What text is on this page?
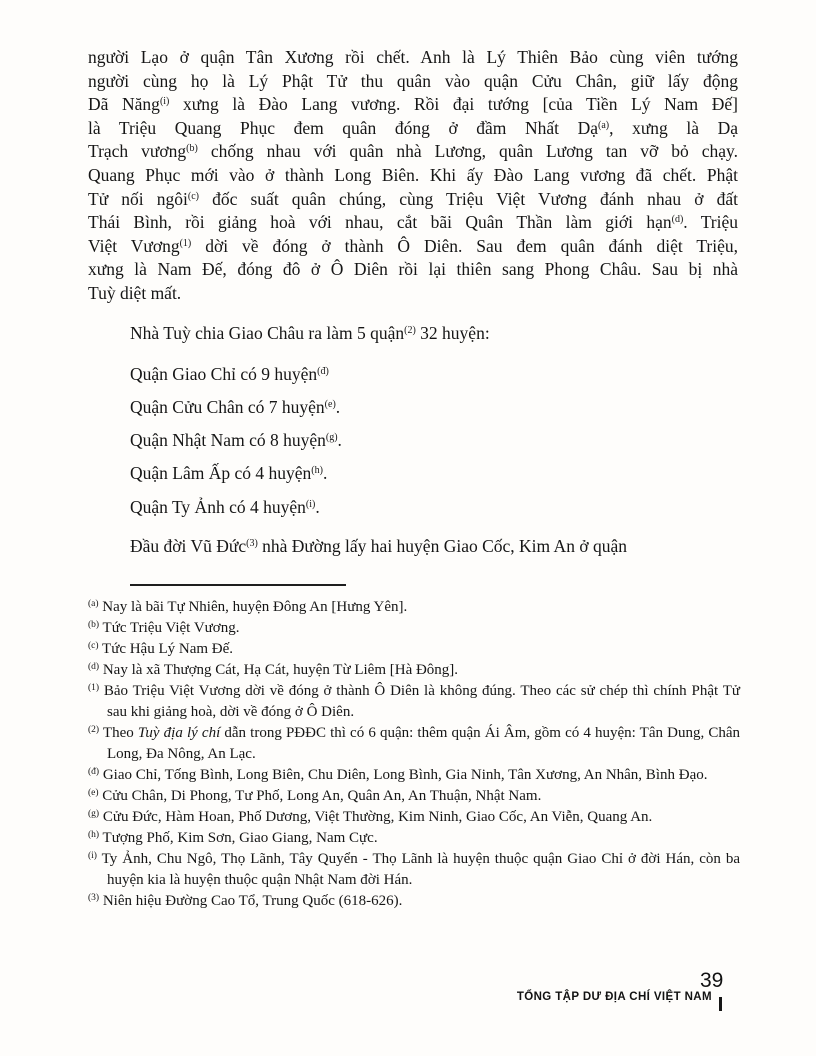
người Lạo ở quận Tân Xương rồi chết. Anh là Lý Thiên Bảo cùng viên tướng
người cùng họ là Lý Phật Tử thu quân vào quận Cửu Chân, giữ lấy động
Dã Năng$^{(i)}$ xưng là Đào Lang vương. Rồi đại tướng [của Tiền Lý Nam Đế]
là Triệu Quang Phục đem quân đóng ở đầm Nhất Dạ$^{(a)}$, xưng là Dạ
Trạch vương$^{(b)}$ chống nhau với quân nhà Lương, quân Lương tan vỡ bỏ chạy.
Quang Phục mới vào ở thành Long Biên. Khi ấy Đào Lang vương đã chết. Phật
Tử nối ngôi$^{(c)}$ đốc suất quân chúng, cùng Triệu Việt Vương đánh nhau ở đất
Thái Bình, rồi giảng hoà với nhau, cắt bãi Quân Thần làm giới hạn$^{(d)}$. Triệu
Việt Vương$^{(1)}$ dời về đóng ở thành Ô Diên. Sau đem quân đánh diệt Triệu,
xưng là Nam Đế, đóng đô ở Ô Diên rồi lại thiên sang Phong Châu. Sau bị nhà
Tuỳ diệt mất.
Nhà Tuỳ chia Giao Châu ra làm 5 quận$^{(2)}$ 32 huyện:
Quận Giao Chỉ có 9 huyện$^{(đ)}$
Quận Cửu Chân có 7 huyện$^{(e)}$.
Quận Nhật Nam có 8 huyện$^{(g)}$.
Quận Lâm Ấp có 4 huyện$^{(h)}$.
Quận Ty Ảnh có 4 huyện$^{(i)}$.
Đầu đời Vũ Đức$^{(3)}$ nhà Đường lấy hai huyện Giao Cốc, Kim An ở quận
$^{(a)}$ Nay là bãi Tự Nhiên, huyện Đông An [Hưng Yên].
$^{(b)}$ Tức Triệu Việt Vương.
$^{(c)}$ Tức Hậu Lý Nam Đế.
$^{(d)}$ Nay là xã Thượng Cát, Hạ Cát, huyện Từ Liêm [Hà Đông].
$^{(1)}$ Bảo Triệu Việt Vương dời về đóng ở thành Ô Diên là không đúng. Theo các sử chép thì chính Phật Tử sau khi giảng hoà, dời về đóng ở Ô Diên.
$^{(2)}$ Theo Tuỳ địa lý chí dẫn trong PĐĐC thì có 6 quận: thêm quận Ái Âm, gồm có 4 huyện: Tân Dung, Chân Long, Đa Nông, An Lạc.
$^{(đ)}$ Giao Chỉ, Tống Bình, Long Biên, Chu Diên, Long Bình, Gia Ninh, Tân Xương, An Nhân, Bình Đạo.
$^{(e)}$ Cửu Chân, Di Phong, Tư Phố, Long An, Quân An, An Thuận, Nhật Nam.
$^{(g)}$ Cửu Đức, Hàm Hoan, Phố Dương, Việt Thường, Kim Ninh, Giao Cốc, An Viễn, Quang An.
$^{(h)}$ Tượng Phố, Kim Sơn, Giao Giang, Nam Cực.
$^{(i)}$ Ty Ảnh, Chu Ngô, Thọ Lãnh, Tây Quyển - Thọ Lãnh là huyện thuộc quận Giao Chỉ ở đời Hán, còn ba huyện kia là huyện thuộc quận Nhật Nam đời Hán.
$^{(3)}$ Niên hiệu Đường Cao Tổ, Trung Quốc (618-626).
TỔNG TẬP DƯ ĐỊA CHÍ VIỆT NAM
39
